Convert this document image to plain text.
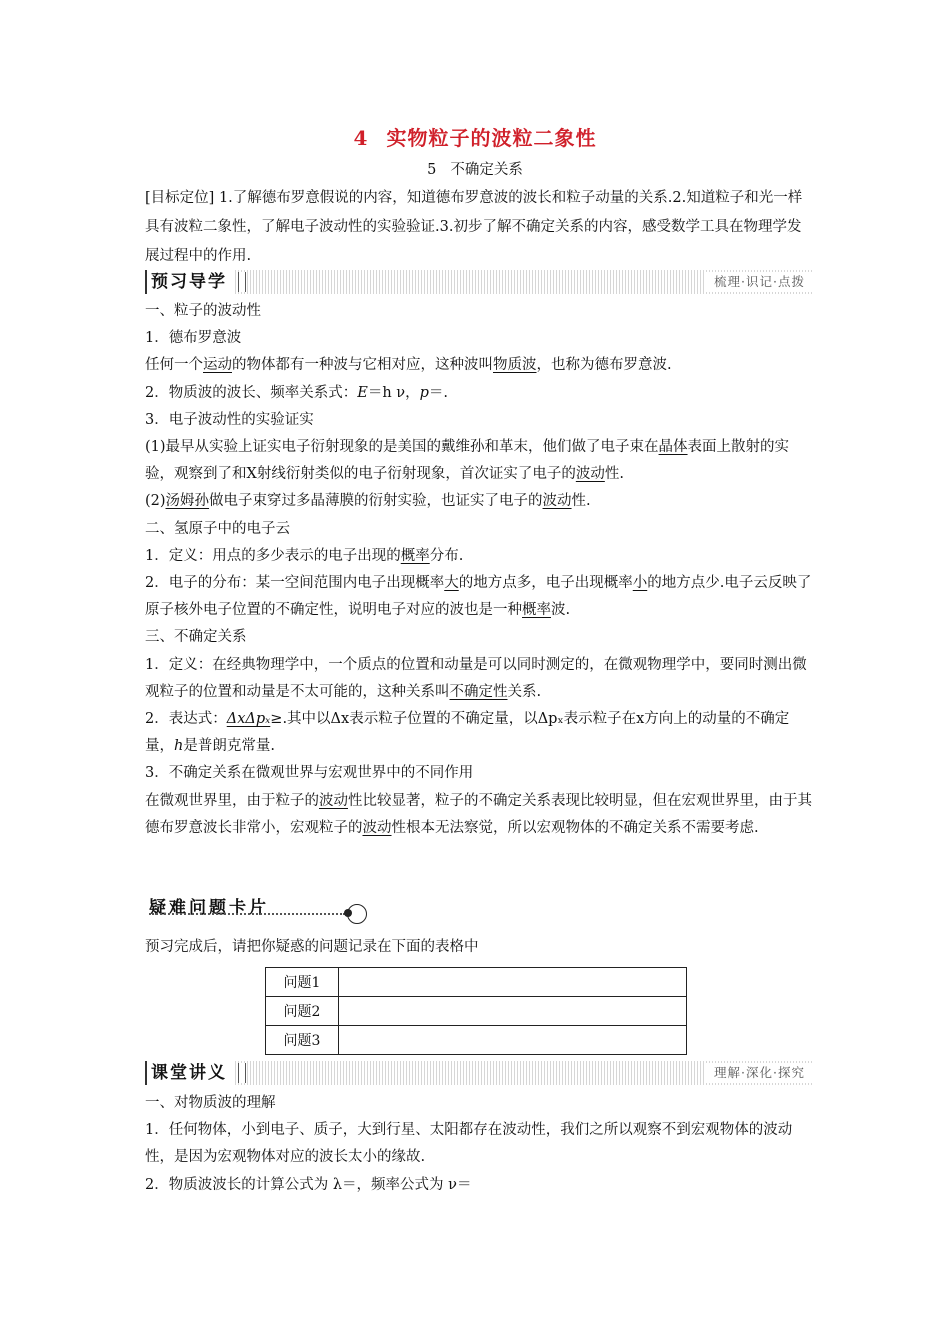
4 实物粒子的波粒二象性
5 不确定关系
[目标定位] 1.了解德布罗意假说的内容，知道德布罗意波的波长和粒子动量的关系.2.知道粒子和光一样具有波粒二象性，了解电子波动性的实验验证.3.初步了解不确定关系的内容，感受数学工具在物理学发展过程中的作用.
预习导学	梳理·识记·点拨

一、粒子的波动性

1．德布罗意波

任何一个运动的物体都有一种波与它相对应，这种波叫物质波，也称为德布罗意波.

2．物质波的波长、频率关系式：E＝h ν，p＝.

3．电子波动性的实验证实

(1)最早从实验上证实电子衍射现象的是美国的戴维孙和革末，他们做了电子束在晶体表面上散射的实验，观察到了和X射线衍射类似的电子衍射现象，首次证实了电子的波动性.

(2)汤姆孙做电子束穿过多晶薄膜的衍射实验，也证实了电子的波动性.

二、氢原子中的电子云

1．定义：用点的多少表示的电子出现的概率分布.

2．电子的分布：某一空间范围内电子出现概率大的地方点多，电子出现概率小的地方点少.电子云反映了原子核外电子位置的不确定性，说明电子对应的波也是一种概率波.

三、不确定关系

1．定义：在经典物理学中，一个质点的位置和动量是可以同时测定的，在微观物理学中，要同时测出微观粒子的位置和动量是不太可能的，这种关系叫不确定性关系.

2．表达式：ΔxΔpₓ≥.其中以Δx表示粒子位置的不确定量，以Δpₓ表示粒子在x方向上的动量的不确定量，h是普朗克常量.

3．不确定关系在微观世界与宏观世界中的不同作用

在微观世界里，由于粒子的波动性比较显著，粒子的不确定关系表现比较明显，但在宏观世界里，由于其德布罗意波长非常小，宏观粒子的波动性根本无法察觉，所以宏观物体的不确定关系不需要考虑.

疑难问题卡片
预习完成后，请把你疑惑的问题记录在下面的表格中
问题1	
问题2	
问题3	
课堂讲义	理解·深化·探究

一、对物质波的理解

1．任何物体，小到电子、质子，大到行星、太阳都存在波动性，我们之所以观察不到宏观物体的波动性，是因为宏观物体对应的波长太小的缘故.

2．物质波波长的计算公式为 λ＝，频率公式为 ν＝
